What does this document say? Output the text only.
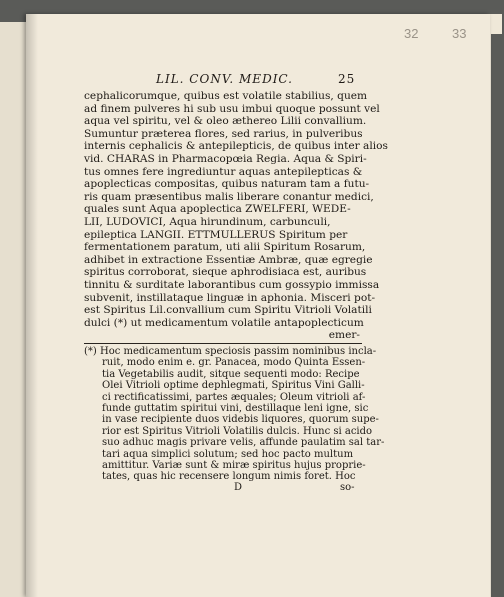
32	33
LIL. CONV. MEDIC.	25
cephalicorumque, quibus est volatile stabilius, quem
ad finem pulveres hi sub usu imbui quoque possunt vel
aqua vel spiritu, vel & oleo æthereo Lilii convallium.
Sumuntur præterea flores, sed rarius, in pulveribus
internis cephalicis & antepilepticis, de quibus inter alios
vid. CHARAS in Pharmacopœia Regia. Aqua & Spiri-
tus omnes fere ingrediuntur aquas antepilepticas &
apoplecticas compositas, quibus naturam tam a futu-
ris quam præsentibus malis liberare conantur medici,
quales sunt Aqua apoplectica ZWELFERI, WEDE-
LII, LUDOVICI, Aqua hirundinum, carbunculi,
epileptica LANGII. ETTMULLERUS Spiritum per
fermentationem paratum, uti alii Spiritum Rosarum,
adhibet in extractione Essentiæ Ambræ, quæ egregie
spiritus corroborat, sieque aphrodisiaca est, auribus
tinnitu & surditate laborantibus cum gossypio immissa
subvenit, instillataque linguæ in aphonia. Misceri pot-
est Spiritus Lil.convallium cum Spiritu Vitrioli Volatili
dulci (*) ut medicamentum volatile antapoplecticum
emer-
(*) Hoc medicamentum speciosis passim nominibus incla-
ruit, modo enim e. gr. Panacea, modo Quinta Essen-
tia Vegetabilis audit, sitque sequenti modo: Recipe
Olei Vitrioli optime dephlegmati, Spiritus Vini Galli-
ci rectificatissimi, partes æquales; Oleum vitrioli af-
funde guttatim spiritui vini, destillaque leni igne, sic
in vase recipiente duos videbis liquores, quorum supe-
rior est Spiritus Vitrioli Volatilis dulcis. Hunc si acido
suo adhuc magis privare velis, affunde paulatim sal tar-
tari aqua simplici solutum; sed hoc pacto multum
amittitur. Variæ sunt & miræ spiritus hujus proprie-
tates, quas hic recensere longum nimis foret. Hoc
D	so-
